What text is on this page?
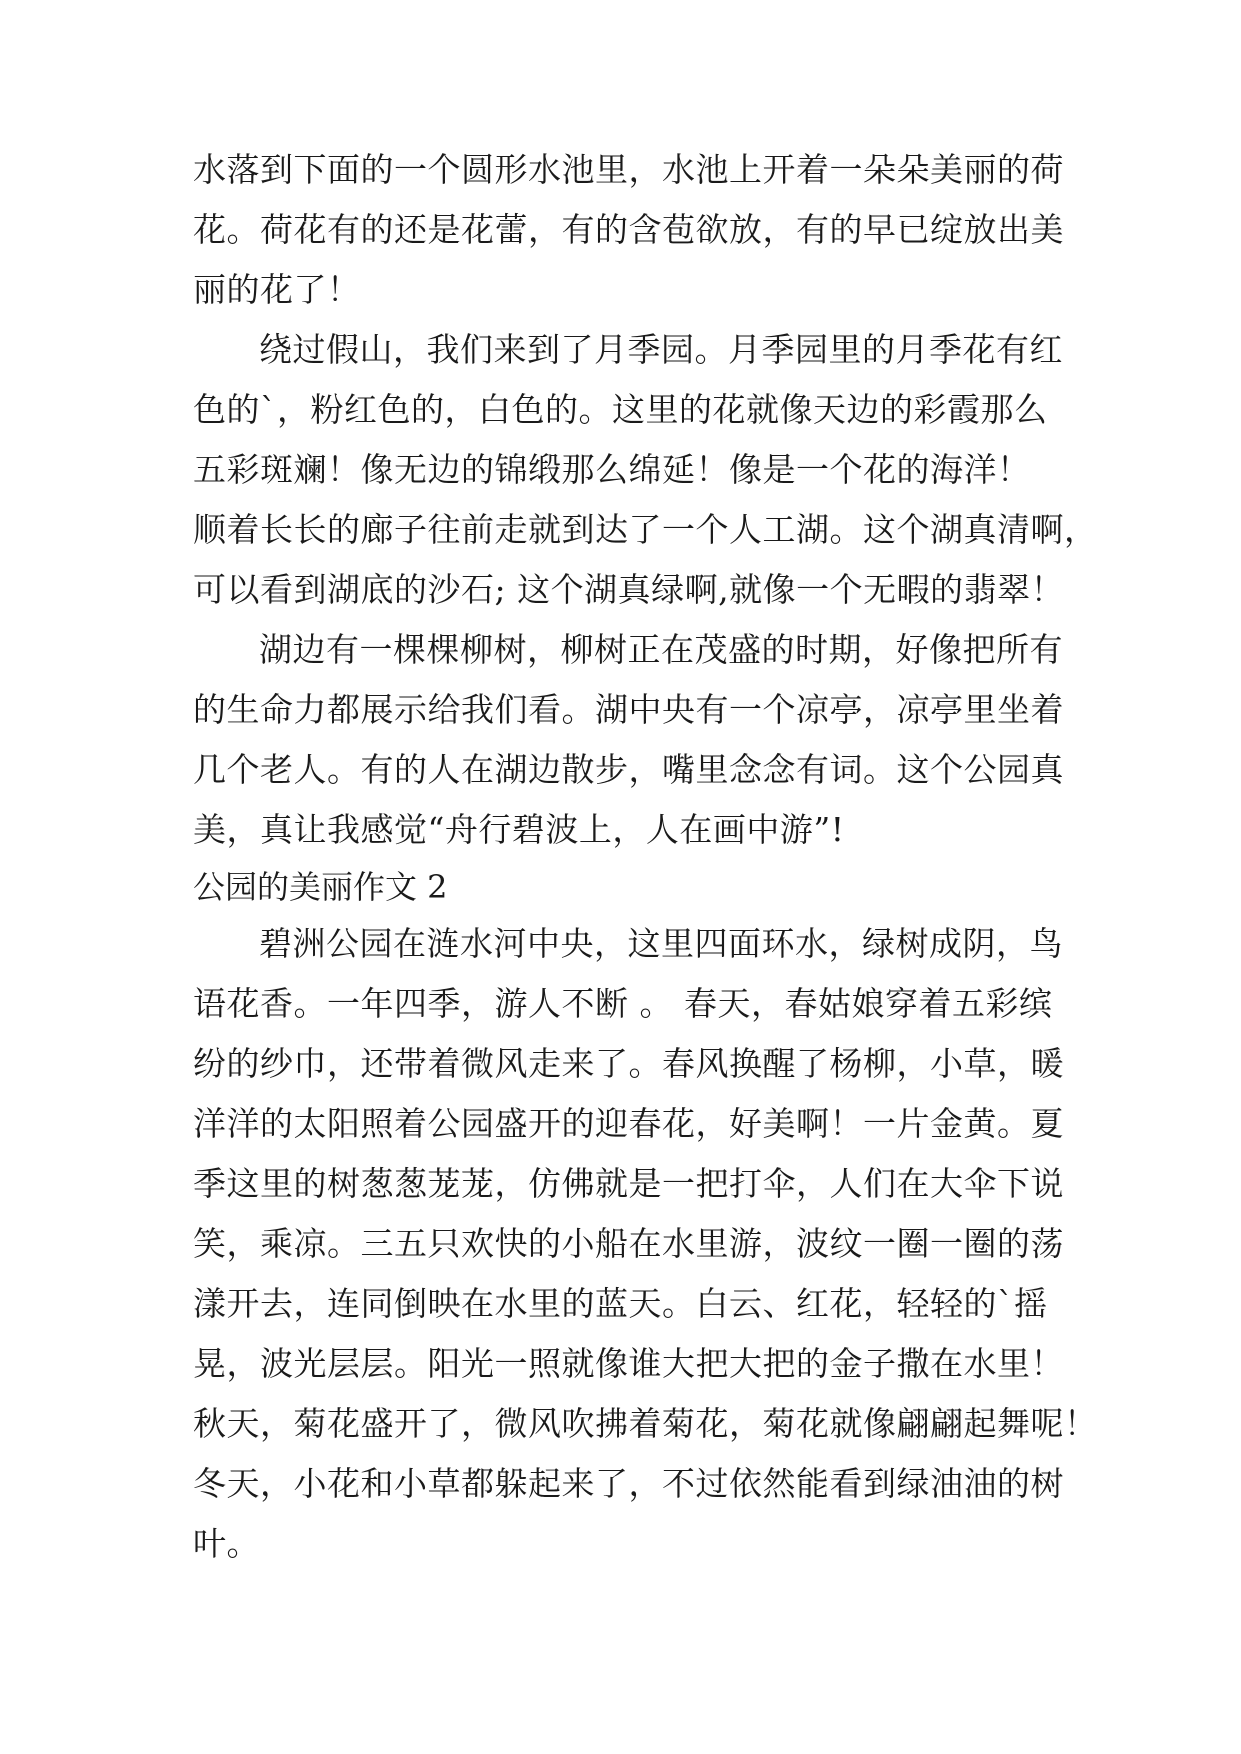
水落到下面的一个圆形水池里，水池上开着一朵朵美丽的荷
花。荷花有的还是花蕾，有的含苞欲放，有的早已绽放出美
丽的花了！
绕过假山，我们来到了月季园。月季园里的月季花有红
色的`，粉红色的，白色的。这里的花就像天边的彩霞那么
五彩斑斓！像无边的锦缎那么绵延！像是一个花的海洋！
顺着长长的廊子往前走就到达了一个人工湖。这个湖真清啊，
可以看到湖底的沙石; 这个湖真绿啊,就像一个无暇的翡翠！
湖边有一棵棵柳树，柳树正在茂盛的时期，好像把所有
的生命力都展示给我们看。湖中央有一个凉亭，凉亭里坐着
几个老人。有的人在湖边散步，嘴里念念有词。这个公园真
美，真让我感觉“舟行碧波上，人在画中游”!
公园的美丽作文 2
碧洲公园在涟水河中央，这里四面环水，绿树成阴，鸟
语花香。一年四季，游人不断 。 春天，春姑娘穿着五彩缤
纷的纱巾，还带着微风走来了。春风换醒了杨柳，小草，暖
洋洋的太阳照着公园盛开的迎春花，好美啊！一片金黄。夏
季这里的树葱葱茏茏，仿佛就是一把打伞，人们在大伞下说
笑，乘凉。三五只欢快的小船在水里游，波纹一圈一圈的荡
漾开去，连同倒映在水里的蓝天。白云、红花，轻轻的`摇
晃，波光层层。阳光一照就像谁大把大把的金子撒在水里！
秋天，菊花盛开了，微风吹拂着菊花，菊花就像翩翩起舞呢！
冬天，小花和小草都躲起来了，不过依然能看到绿油油的树
叶。
